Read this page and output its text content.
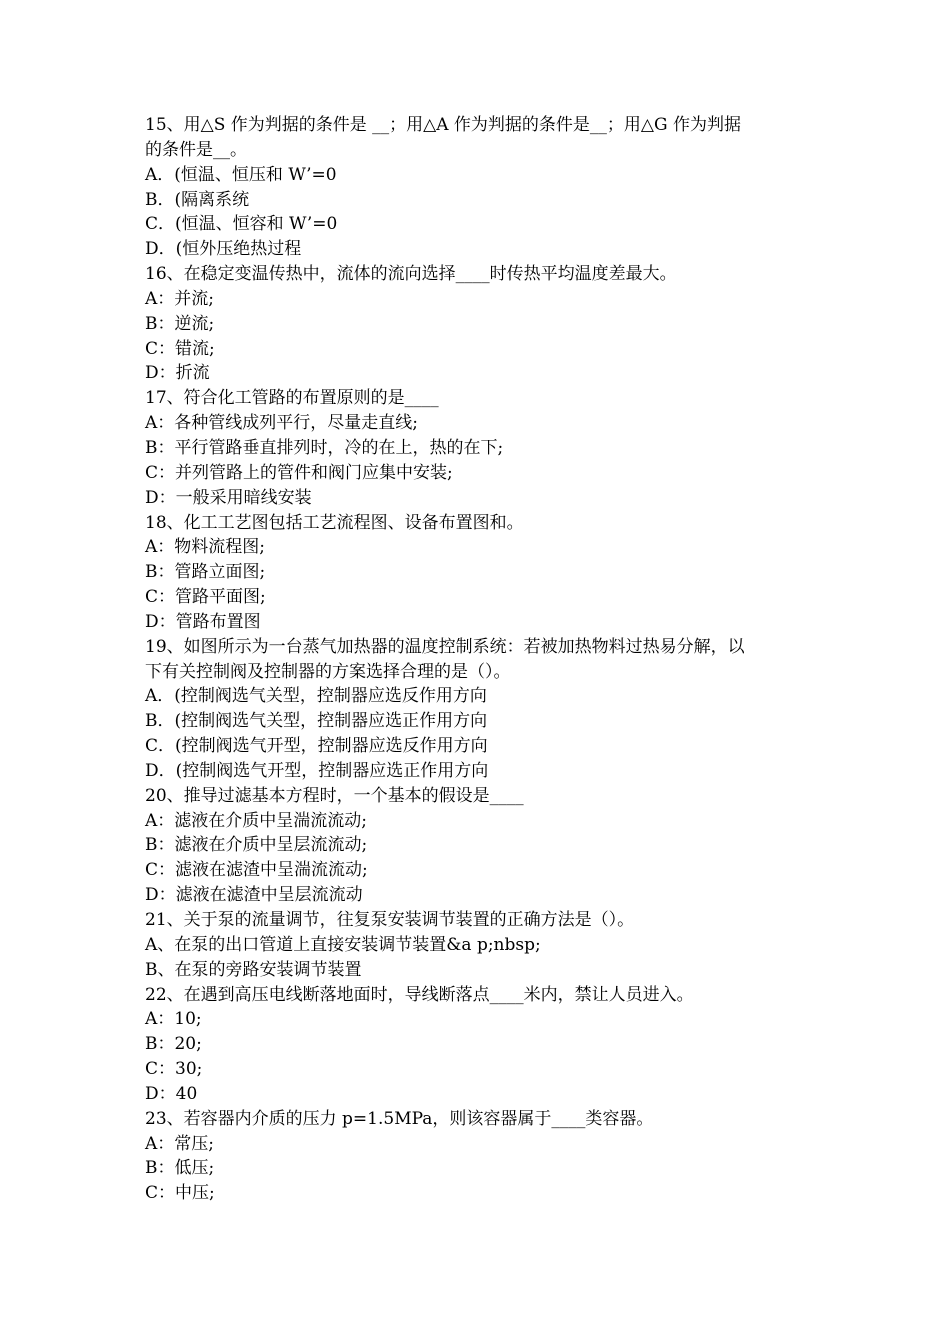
15、用△S 作为判据的条件是 __；用△A 作为判据的条件是__；用△G 作为判据
的条件是__。
A．(恒温、恒压和 W’=0
B．(隔离系统
C．(恒温、恒容和 W’=0
D．(恒外压绝热过程
16、在稳定变温传热中，流体的流向选择____时传热平均温度差最大。
A：并流;
B：逆流;
C：错流;
D：折流
17、符合化工管路的布置原则的是____
A：各种管线成列平行，尽量走直线;
B：平行管路垂直排列时，冷的在上，热的在下;
C：并列管路上的管件和阀门应集中安装;
D：一般采用暗线安装
18、化工工艺图包括工艺流程图、设备布置图和。
A：物料流程图;
B：管路立面图;
C：管路平面图;
D：管路布置图
19、如图所示为一台蒸气加热器的温度控制系统：若被加热物料过热易分解，以
下有关控制阀及控制器的方案选择合理的是（）。
A．(控制阀选气关型，控制器应选反作用方向
B．(控制阀选气关型，控制器应选正作用方向
C．(控制阀选气开型，控制器应选反作用方向
D．(控制阀选气开型，控制器应选正作用方向
20、推导过滤基本方程时，一个基本的假设是____
A：滤液在介质中呈湍流流动;
B：滤液在介质中呈层流流动;
C：滤液在滤渣中呈湍流流动;
D：滤液在滤渣中呈层流流动
21、关于泵的流量调节，往复泵安装调节装置的正确方法是（）。
A、在泵的出口管道上直接安装调节装置&a p;nbsp;
B、在泵的旁路安装调节装置
22、在遇到高压电线断落地面时，导线断落点____米内，禁让人员进入。
A：10;
B：20;
C：30;
D：40
23、若容器内介质的压力 p=1.5MPa，则该容器属于____类容器。
A：常压;
B：低压;
C：中压;
